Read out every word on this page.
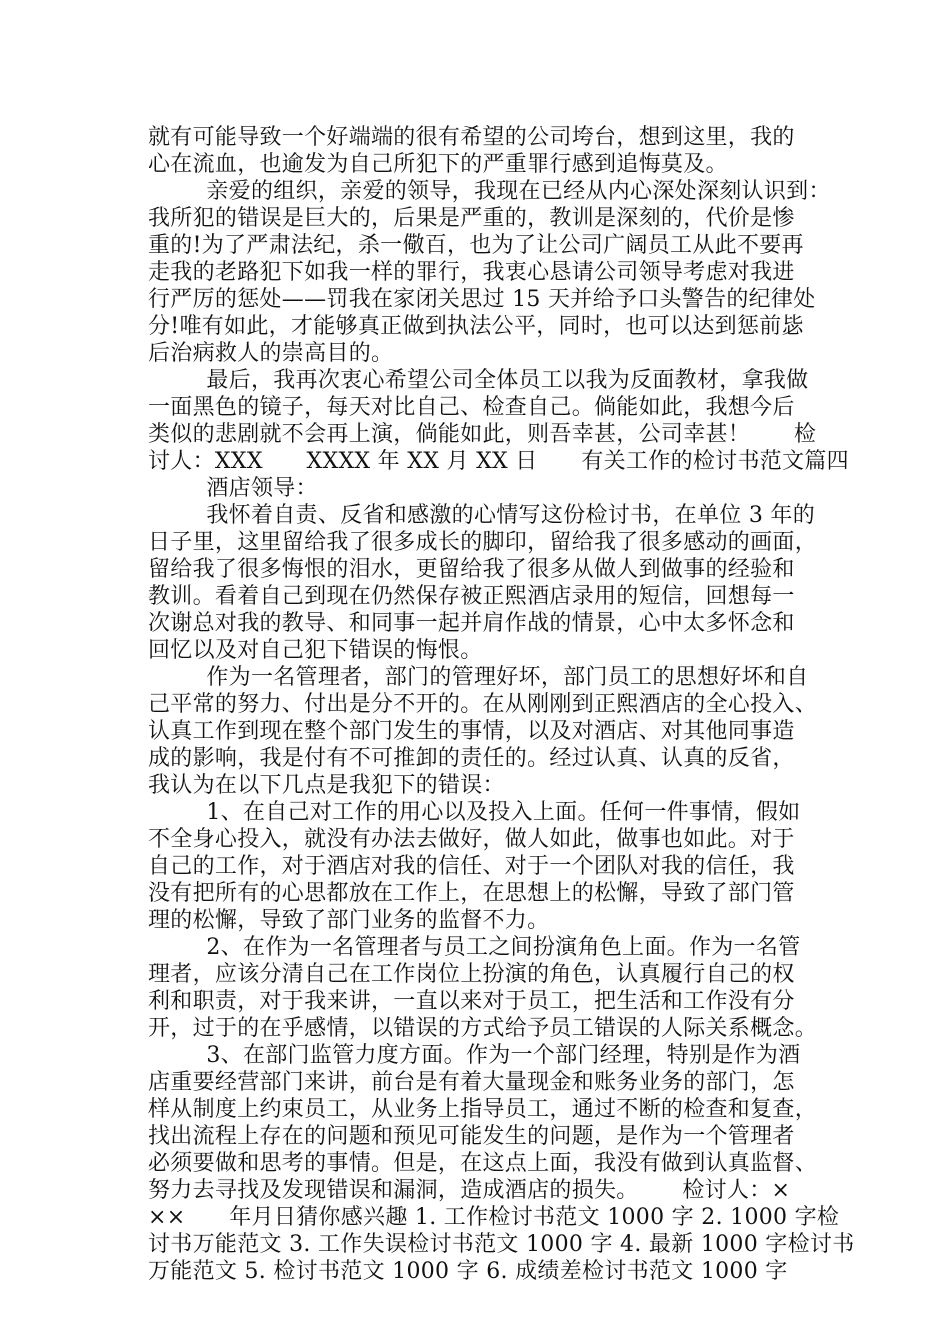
就有可能导致一个好端端的很有希望的公司垮台，想到这里，我的
心在流血，也逾发为自己所犯下的严重罪行感到追悔莫及。
亲爱的组织，亲爱的领导，我现在已经从内心深处深刻认识到：
我所犯的错误是巨大的，后果是严重的，教训是深刻的，代价是惨
重的!为了严肃法纪，杀一儆百，也为了让公司广阔员工从此不要再
走我的老路犯下如我一样的罪行，我衷心恳请公司领导考虑对我进
行严厉的惩处——罚我在家闭关思过 15 天并给予口头警告的纪律处
分!唯有如此，才能够真正做到执法公平，同时，也可以达到惩前毖
后治病救人的崇高目的。
最后，我再次衷心希望公司全体员工以我为反面教材，拿我做
一面黑色的镜子，每天对比自己、检查自己。倘能如此，我想今后
类似的悲剧就不会再上演，倘能如此，则吾幸甚，公司幸甚！      检
讨人：XXX      XXXX 年 XX 月 XX 日      有关工作的检讨书范文篇四
酒店领导：
我怀着自责、反省和感激的心情写这份检讨书，在单位 3 年的
日子里，这里留给我了很多成长的脚印，留给我了很多感动的画面，
留给我了很多悔恨的泪水，更留给我了很多从做人到做事的经验和
教训。看着自己到现在仍然保存被正熙酒店录用的短信，回想每一
次谢总对我的教导、和同事一起并肩作战的情景，心中太多怀念和
回忆以及对自己犯下错误的悔恨。
作为一名管理者，部门的管理好坏，部门员工的思想好坏和自
己平常的努力、付出是分不开的。在从刚刚到正熙酒店的全心投入、
认真工作到现在整个部门发生的事情，以及对酒店、对其他同事造
成的影响，我是付有不可推卸的责任的。经过认真、认真的反省，
我认为在以下几点是我犯下的错误：
1、在自己对工作的用心以及投入上面。任何一件事情，假如
不全身心投入，就没有办法去做好，做人如此，做事也如此。对于
自己的工作，对于酒店对我的信任、对于一个团队对我的信任，我
没有把所有的心思都放在工作上，在思想上的松懈，导致了部门管
理的松懈，导致了部门业务的监督不力。
2、在作为一名管理者与员工之间扮演角色上面。作为一名管
理者，应该分清自己在工作岗位上扮演的角色，认真履行自己的权
利和职责，对于我来讲，一直以来对于员工，把生活和工作没有分
开，过于的在乎感情，以错误的方式给予员工错误的人际关系概念。
3、在部门监管力度方面。作为一个部门经理，特别是作为酒
店重要经营部门来讲，前台是有着大量现金和账务业务的部门，怎
样从制度上约束员工，从业务上指导员工，通过不断的检查和复查，
找出流程上存在的问题和预见可能发生的问题，是作为一个管理者
必须要做和思考的事情。但是，在这点上面，我没有做到认真监督、
努力去寻找及发现错误和漏洞，造成酒店的损失。      检讨人：×
××      年月日猜你感兴趣 1. 工作检讨书范文 1000 字 2. 1000 字检
讨书万能范文 3. 工作失误检讨书范文 1000 字 4. 最新 1000 字检讨书
万能范文 5. 检讨书范文 1000 字 6. 成绩差检讨书范文 1000 字
